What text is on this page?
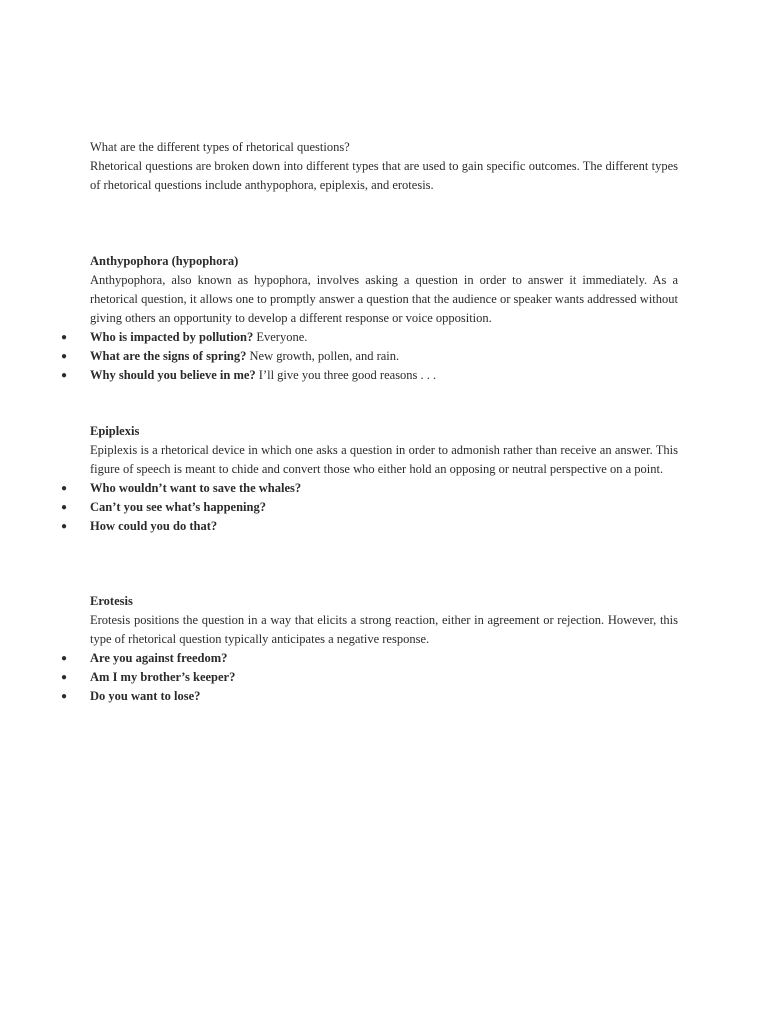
What are the different types of rhetorical questions?

Rhetorical questions are broken down into different types that are used to gain specific outcomes. The different types of rhetorical questions include anthypophora, epiplexis, and erotesis.

Anthypophora (hypophora)

Anthypophora, also known as hypophora, involves asking a question in order to answer it immediately. As a rhetorical question, it allows one to promptly answer a question that the audience or speaker wants addressed without giving others an opportunity to develop a different response or voice opposition.

●	Who is impacted by pollution? Everyone.
●	What are the signs of spring? New growth, pollen, and rain.
●	Why should you believe in me? I’ll give you three good reasons . . .

Epiplexis

Epiplexis is a rhetorical device in which one asks a question in order to admonish rather than receive an answer. This figure of speech is meant to chide and convert those who either hold an opposing or neutral perspective on a point.

●	Who wouldn’t want to save the whales?
●	Can’t you see what’s happening?
●	How could you do that?

Erotesis

Erotesis positions the question in a way that elicits a strong reaction, either in agreement or rejection. However, this type of rhetorical question typically anticipates a negative response.

●	Are you against freedom?
●	Am I my brother’s keeper?
●	Do you want to lose?
